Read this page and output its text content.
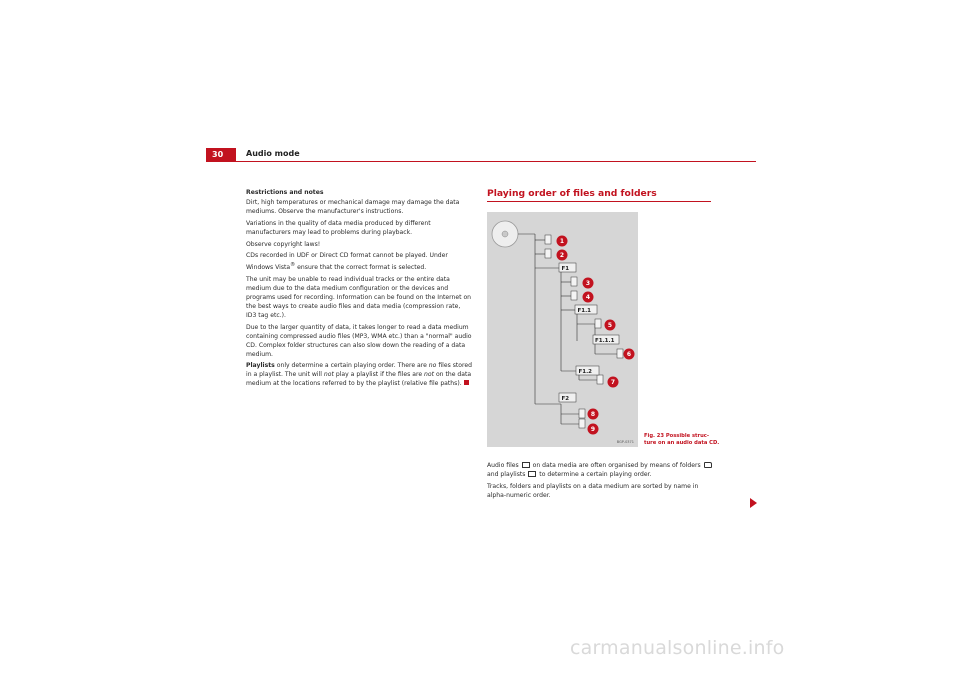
30	Audio mode

Restrictions and notes

Dirt, high temperatures or mechanical damage may damage the data mediums. Observe the manufacturer's instructions.

Variations in the quality of data media produced by different manufacturers may lead to problems during playback.

Observe copyright laws!

CDs recorded in UDF or Direct CD format cannot be played. Under Windows Vista® ensure that the correct format is selected.

The unit may be unable to read individual tracks or the entire data medium due to the data medium configuration or the devices and programs used for recording. Information can be found on the Internet on the best ways to create audio files and data media (compression rate, ID3 tag etc.).

Due to the larger quantity of data, it takes longer to read a data medium containing compressed audio files (MP3, WMA etc.) than a "normal" audio CD. Complex folder structures can also slow down the reading of a data medium.

Playlists only determine a certain playing order. There are no files stored in a playlist. The unit will not play a playlist if the files are not on the data medium at the locations referred to by the playlist (relative file paths).

Playing order of files and folders
F1
F1.1
F1.1.1
F1.2
F2
1
2
3
4
5
6
7
8
9
BGP-0371
Fig. 23 Possible struc-
ture on an audio data CD.

Audio files  on data media are often organised by means of folders  and playlists  to determine a certain playing order.

Tracks, folders and playlists on a data medium are sorted by name in alpha-numeric order.

carmanualsonline.info
